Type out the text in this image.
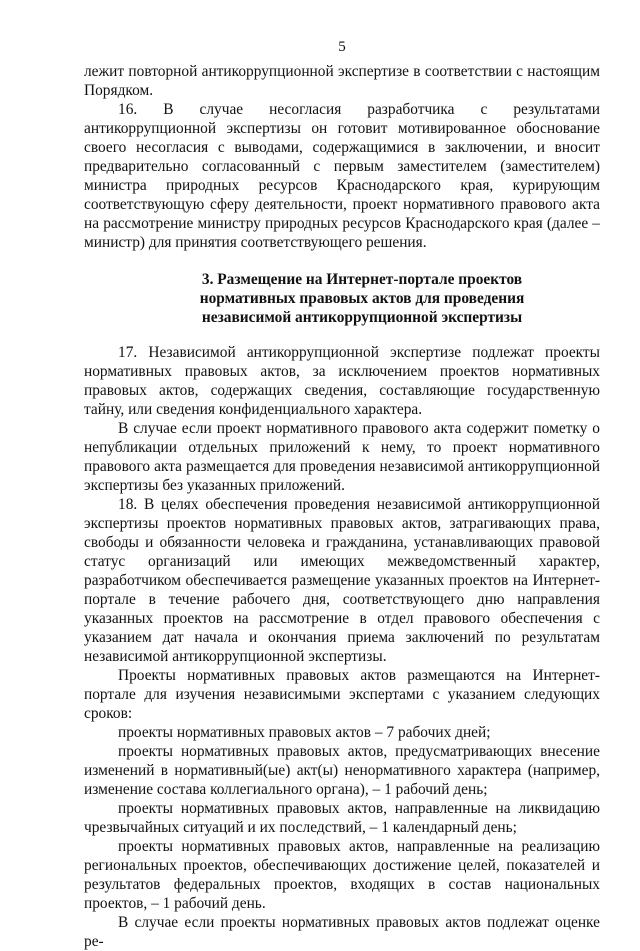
5

лежит повторной антикоррупционной экспертизе в соответствии с настоящим Порядком.

16. В случае несогласия разработчика с результатами антикоррупционной экспертизы он готовит мотивированное обоснование своего несогласия с выводами, содержащимися в заключении, и вносит предварительно согласованный с первым заместителем (заместителем) министра природных ресурсов Краснодарского края, курирующим соответствующую сферу деятельности, проект нормативного правового акта на рассмотрение министру природных ресурсов Краснодарского края (далее – министр) для принятия соответствующего решения.

3. Размещение на Интернет-портале проектов
нормативных правовых актов для проведения
независимой антикоррупционной экспертизы

17. Независимой антикоррупционной экспертизе подлежат проекты нормативных правовых актов, за исключением проектов нормативных правовых актов, содержащих сведения, составляющие государственную тайну, или сведения конфиденциального характера.

В случае если проект нормативного правового акта содержит пометку о непубликации отдельных приложений к нему, то проект нормативного правового акта размещается для проведения независимой антикоррупционной экспертизы без указанных приложений.

18. В целях обеспечения проведения независимой антикоррупционной экспертизы проектов нормативных правовых актов, затрагивающих права, свободы и обязанности человека и гражданина, устанавливающих правовой статус организаций или имеющих межведомственный характер, разработчиком обеспечивается размещение указанных проектов на Интернет-портале в течение рабочего дня, соответствующего дню направления указанных проектов на рассмотрение в отдел правового обеспечения с указанием дат начала и окончания приема заключений по результатам независимой антикоррупционной экспертизы.

Проекты нормативных правовых актов размещаются на Интернет-портале для изучения независимыми экспертами с указанием следующих сроков:

проекты нормативных правовых актов – 7 рабочих дней;

проекты нормативных правовых актов, предусматривающих внесение изменений в нормативный(ые) акт(ы) ненормативного характера (например, изменение состава коллегиального органа), – 1 рабочий день;

проекты нормативных правовых актов, направленные на ликвидацию чрезвычайных ситуаций и их последствий, – 1 календарный день;

проекты нормативных правовых актов, направленные на реализацию региональных проектов, обеспечивающих достижение целей, показателей и результатов федеральных проектов, входящих в состав национальных проектов, – 1 рабочий день.

В случае если проекты нормативных правовых актов подлежат оценке ре-
